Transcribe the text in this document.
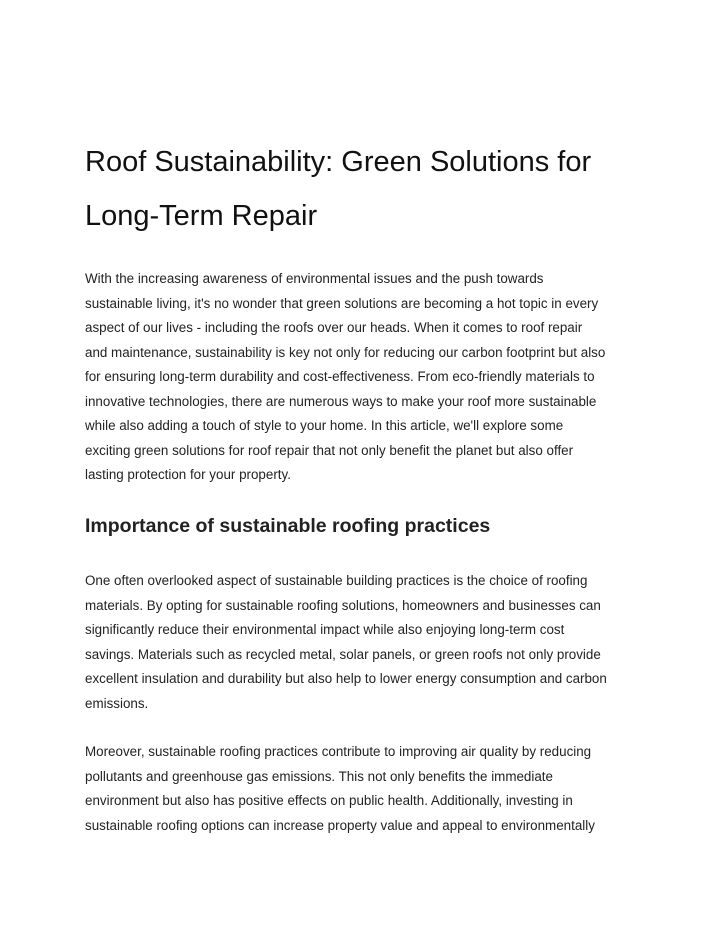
Roof Sustainability: Green Solutions for
Long-Term Repair

With the increasing awareness of environmental issues and the push towards
sustainable living, it's no wonder that green solutions are becoming a hot topic in every
aspect of our lives - including the roofs over our heads. When it comes to roof repair
and maintenance, sustainability is key not only for reducing our carbon footprint but also
for ensuring long-term durability and cost-effectiveness. From eco-friendly materials to
innovative technologies, there are numerous ways to make your roof more sustainable
while also adding a touch of style to your home. In this article, we'll explore some
exciting green solutions for roof repair that not only benefit the planet but also offer
lasting protection for your property.

Importance of sustainable roofing practices

One often overlooked aspect of sustainable building practices is the choice of roofing
materials. By opting for sustainable roofing solutions, homeowners and businesses can
significantly reduce their environmental impact while also enjoying long-term cost
savings. Materials such as recycled metal, solar panels, or green roofs not only provide
excellent insulation and durability but also help to lower energy consumption and carbon
emissions.

Moreover, sustainable roofing practices contribute to improving air quality by reducing
pollutants and greenhouse gas emissions. This not only benefits the immediate
environment but also has positive effects on public health. Additionally, investing in
sustainable roofing options can increase property value and appeal to environmentally
